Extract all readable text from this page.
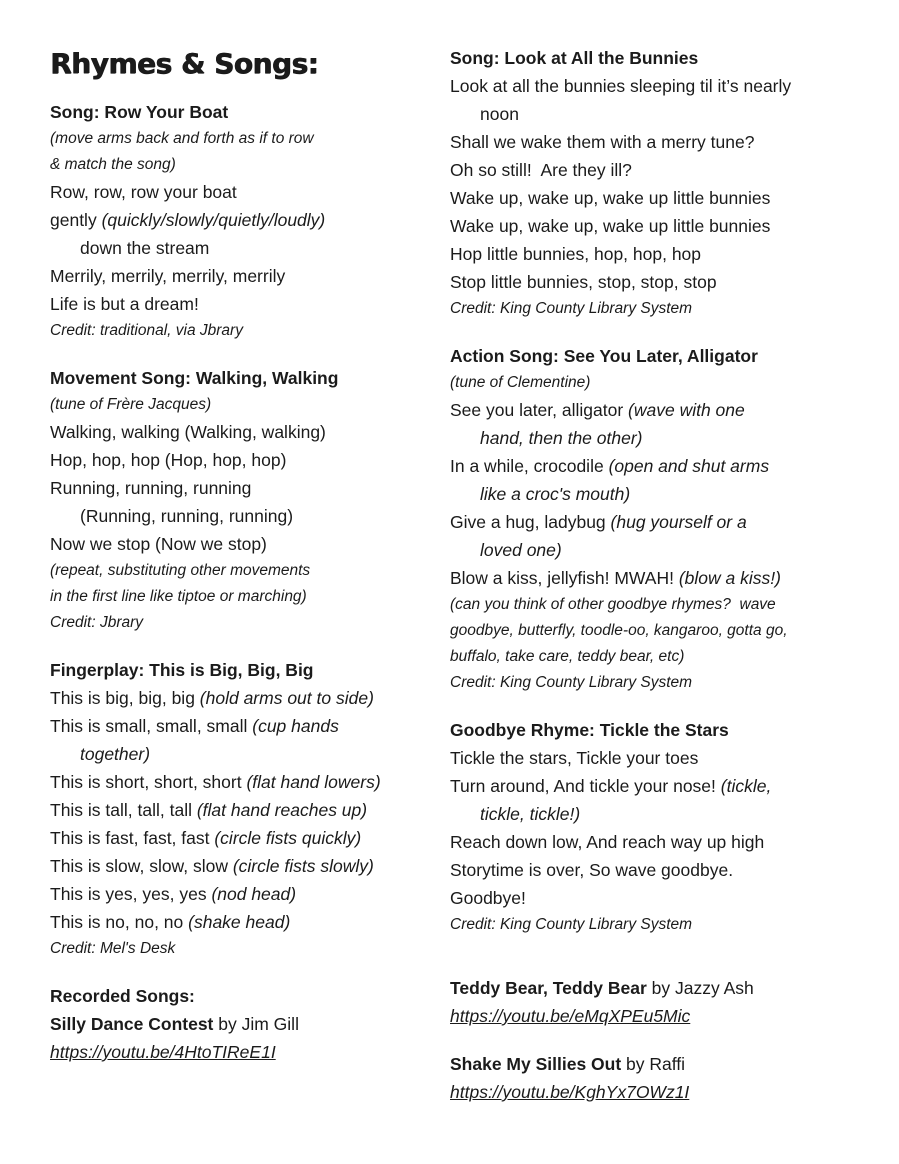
Rhymes & Songs:
Song: Row Your Boat

(move arms back and forth as if to row

& match the song)

Row, row, row your boat

gently (quickly/slowly/quietly/loudly)

down the stream

Merrily, merrily, merrily, merrily

Life is but a dream!

Credit: traditional, via Jbrary

Movement Song: Walking, Walking

(tune of Frère Jacques)

Walking, walking (Walking, walking)

Hop, hop, hop (Hop, hop, hop)

Running, running, running

(Running, running, running)

Now we stop (Now we stop)

(repeat, substituting other movements

in the first line like tiptoe or marching)

Credit: Jbrary

Fingerplay: This is Big, Big, Big

This is big, big, big (hold arms out to side)

This is small, small, small (cup hands

together)

This is short, short, short (flat hand lowers)

This is tall, tall, tall (flat hand reaches up)

This is fast, fast, fast (circle fists quickly)

This is slow, slow, slow (circle fists slowly)

This is yes, yes, yes (nod head)

This is no, no, no (shake head)

Credit: Mel's Desk

Recorded Songs:

Silly Dance Contest by Jim Gill

https://youtu.be/4HtoTIReE1I

Song: Look at All the Bunnies

Look at all the bunnies sleeping til it’s nearly

noon

Shall we wake them with a merry tune?

Oh so still!  Are they ill?

Wake up, wake up, wake up little bunnies

Wake up, wake up, wake up little bunnies

Hop little bunnies, hop, hop, hop

Stop little bunnies, stop, stop, stop

Credit: King County Library System

Action Song: See You Later, Alligator

(tune of Clementine)

See you later, alligator (wave with one

hand, then the other)

In a while, crocodile (open and shut arms

like a croc's mouth)

Give a hug, ladybug (hug yourself or a

loved one)

Blow a kiss, jellyfish! MWAH! (blow a kiss!)

(can you think of other goodbye rhymes?  wave

goodbye, butterfly, toodle-oo, kangaroo, gotta go,

buffalo, take care, teddy bear, etc)

Credit: King County Library System

Goodbye Rhyme: Tickle the Stars

Tickle the stars, Tickle your toes

Turn around, And tickle your nose! (tickle,

tickle, tickle!)

Reach down low, And reach way up high

Storytime is over, So wave goodbye.

Goodbye!

Credit: King County Library System

Teddy Bear, Teddy Bear by Jazzy Ash

https://youtu.be/eMqXPEu5Mic

Shake My Sillies Out by Raffi

https://youtu.be/KghYx7OWz1I
